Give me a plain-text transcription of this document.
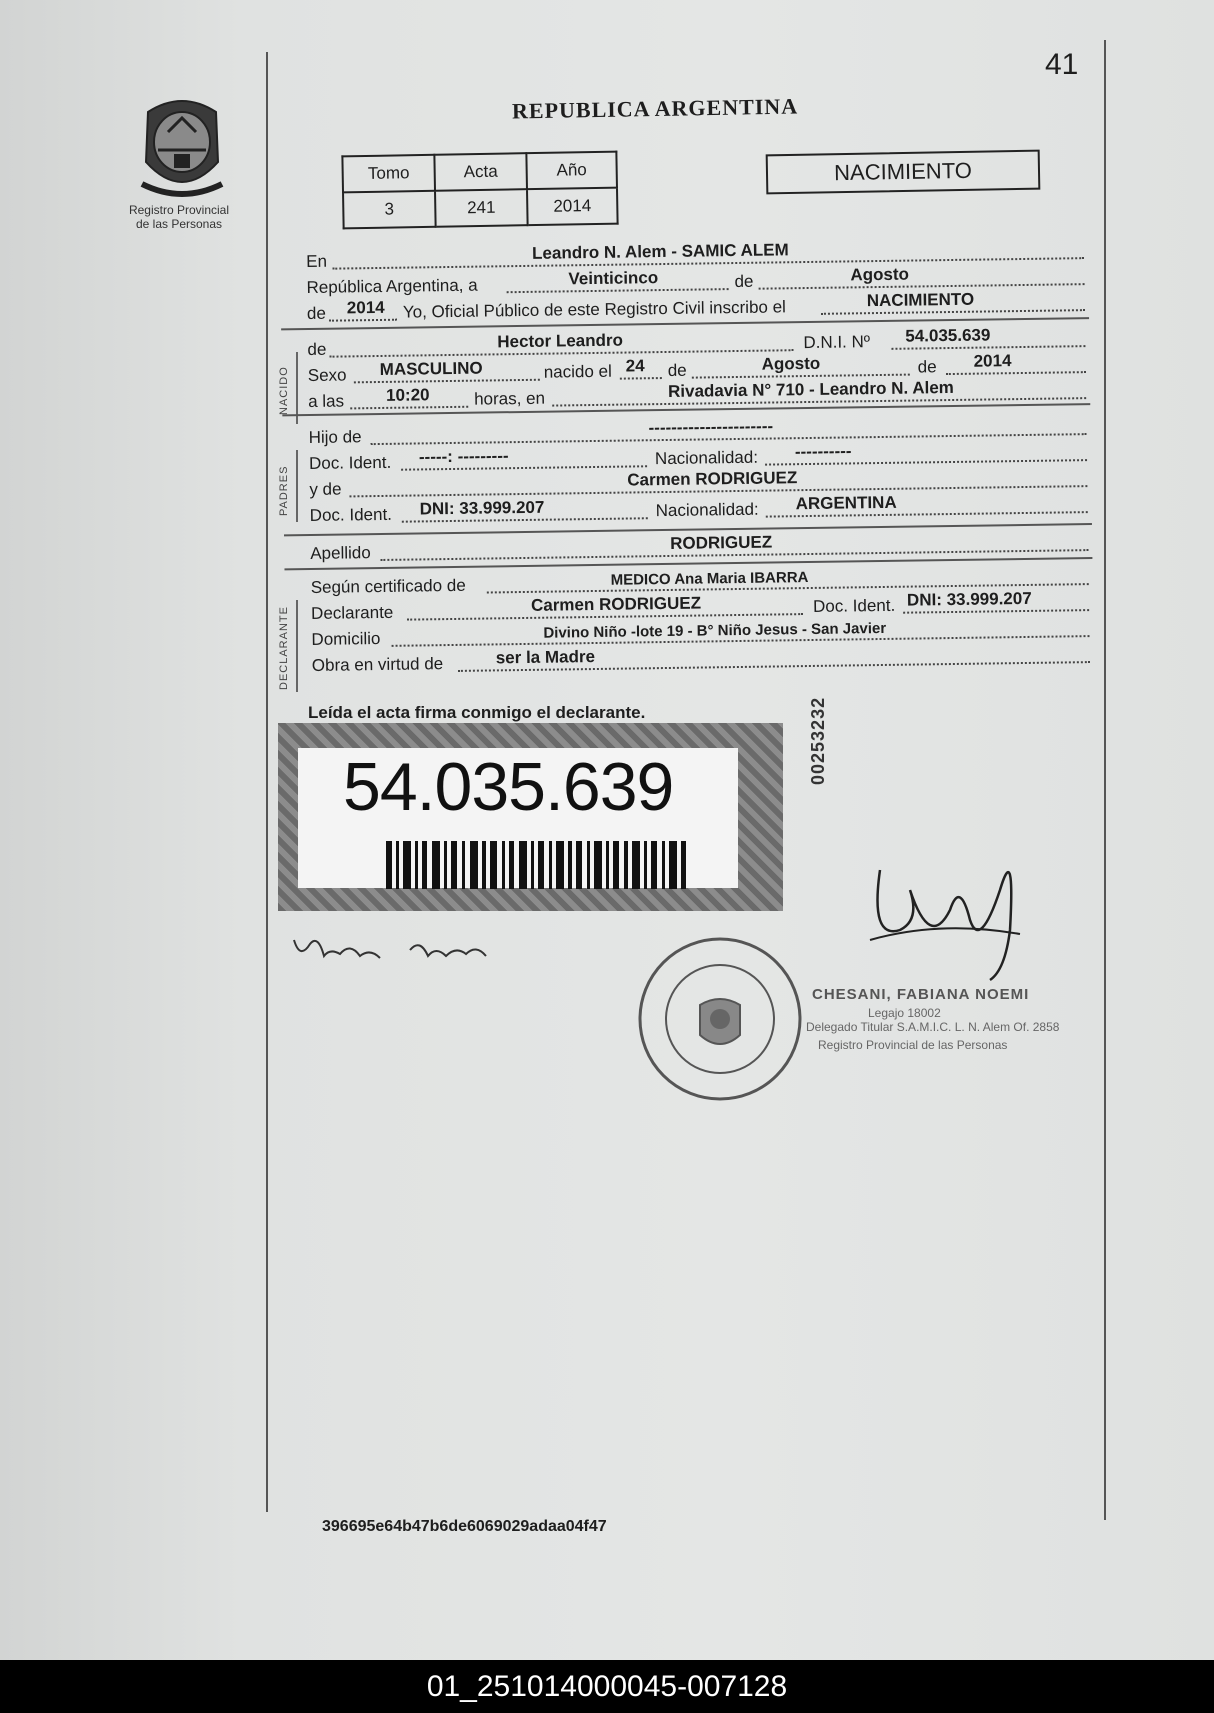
41
REPUBLICA ARGENTINA
Registro Provincial
de las Personas
Tomo	Acta	Año
3	241	2014
NACIMIENTO
NACIDO
PADRES
DECLARANTE
En	Leandro N. Alem - SAMIC ALEM
República Argentina, a	Veinticinco	de	Agosto
de 2014 Yo, Oficial Público de este Registro Civil inscribo el	NACIMIENTO
de	Hector Leandro	D.N.I. Nº 54.035.639
Sexo MASCULINO	nacido el 24 de	Agosto	de 2014
a las 10:20	horas, en	Rivadavia N° 710 - Leandro N. Alem
Hijo de	----------------------
Doc. Ident. -----: ---------	Nacionalidad: ----------
y de	Carmen RODRIGUEZ
Doc. Ident. DNI: 33.999.207	Nacionalidad: ARGENTINA
Apellido
RODRIGUEZ
Según certificado de	MEDICO Ana Maria IBARRA
Declarante	Carmen RODRIGUEZ	Doc. Ident. DNI: 33.999.207
Domicilio	Divino Niño -lote 19 - B° Niño Jesus - San Javier
Obra en virtud de	ser la Madre
Leída el acta firma conmigo el declarante.
54.035.639
00253232
CHESANI, FABIANA NOEMI
Legajo 18002
Delegado Titular S.A.M.I.C. L. N. Alem Of. 2858
Registro Provincial de las Personas
396695e64b47b6de6069029adaa04f47
01_251014000045-007128
